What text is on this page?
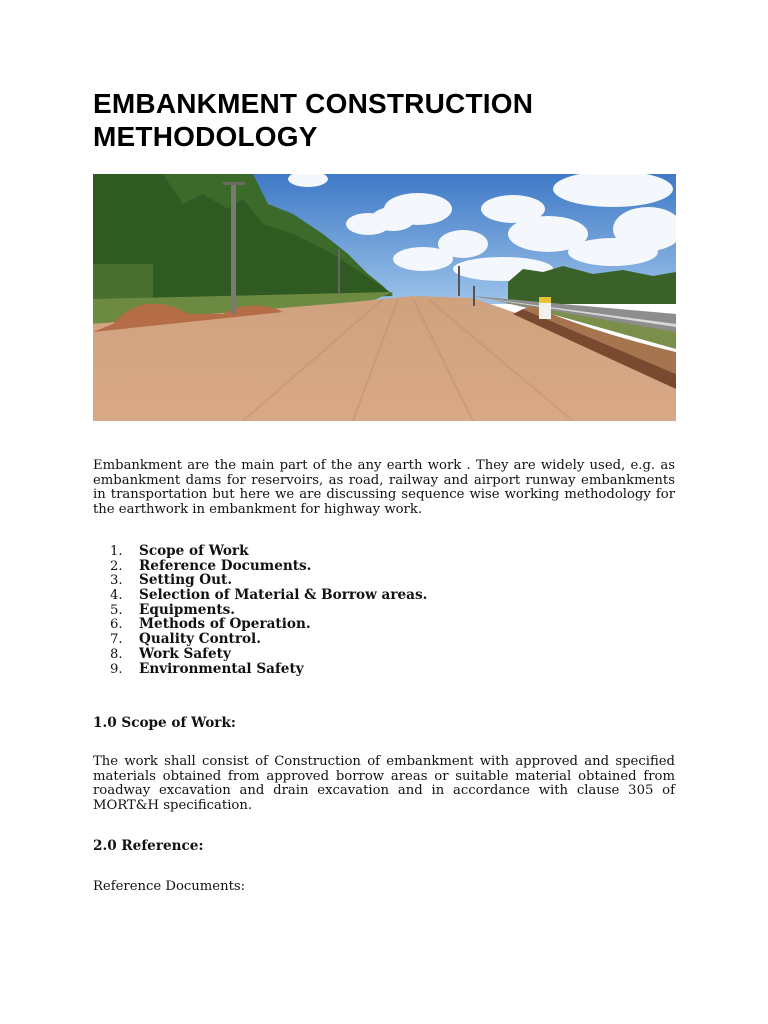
EMBANKMENT CONSTRUCTION
METHODOLOGY

Embankment are the main part of the any earth work . They are widely used, e.g. as embankment dams for reservoirs, as road, railway and airport runway embankments in transportation but here we are discussing sequence wise working methodology for the earthwork in embankment for highway work.

1. Scope of Work
2. Reference Documents.
3. Setting Out.
4. Selection of Material & Borrow areas.
5. Equipments.
6. Methods of Operation.
7. Quality Control.
8. Work Safety
9. Environmental Safety
1.0 Scope of Work:

The work shall consist of Construction of embankment with approved and specified materials obtained from approved borrow areas or suitable material obtained from roadway excavation and drain excavation and in accordance with clause 305 of MORT&H specification.

2.0 Reference:

Reference Documents:
